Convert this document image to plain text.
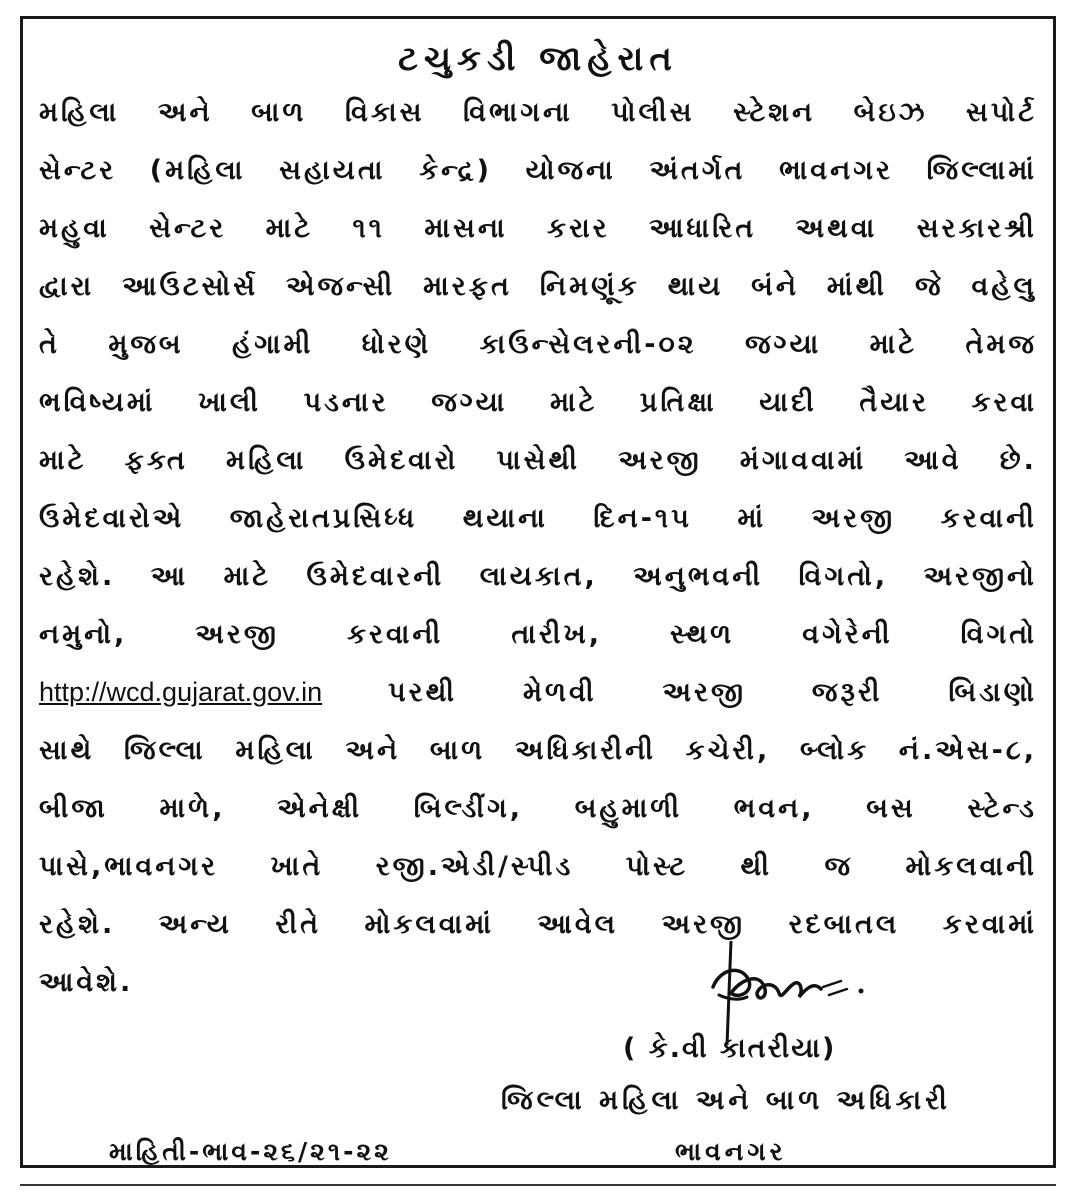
ટચુકડી જાહેરાત
મહિલા અને બાળ વિકાસ વિભાગના પોલીસ સ્ટેશન બેઇઝ સપોર્ટ
સેન્ટર (મહિલા સહાયતા કેન્દ્ર) યોજના અંતર્ગત ભાવનગર જિલ્લામાં
મહુવા સેન્ટર માટે ૧૧ માસના કરાર આધારિત અથવા સરકારશ્રી
દ્વારા આઉટસોર્સ એજન્સી મારફત નિમણૂંક થાય બંને માંથી જે વહેલુ
તે મુજબ હંગામી ધોરણે કાઉન્સેલરની-૦૨ જગ્યા માટે તેમજ
ભવિષ્યમાં ખાલી પડનાર જગ્યા માટે પ્રતિક્ષા યાદી તૈયાર કરવા
માટે ફક્ત મહિલા ઉમેદવારો પાસેથી અરજી મંગાવવામાં આવે છે.
ઉમેદવારોએ જાહેરાતપ્રસિધ્ધ થયાના દિન-૧૫ માં અરજી કરવાની
રહેશે. આ માટે ઉમેદવારની લાયકાત, અનુભવની વિગતો, અરજીનો
નમુનો,	અરજી	કરવાની	તારીખ,	સ્થળ	વગેરેની	વિગતો
http://wcd.gujarat.gov.in પરથી મેળવી અરજી જરૂરી બિડાણો
સાથે જિલ્લા મહિલા અને બાળ અધિકારીની કચેરી, બ્લોક નં.એસ-૮,
બીજા માળે, એનેક્ષી બિલ્ડીંગ, બહુમાળી ભવન, બસ સ્ટેન્ડ
પાસે,ભાવનગર ખાતે રજી.એડી/સ્પીડ પોસ્ટ થી જ મોકલવાની
રહેશે. અન્ય રીતે મોકલવામાં આવેલ અરજી રદબાતલ કરવામાં
આવેશે.
( કે.વી કાતરીયા)
જિલ્લા મહિલા અને બાળ અધિકારી
માહિતી-ભાવ-૨૬/૨૧-૨૨	ભાવનગર
